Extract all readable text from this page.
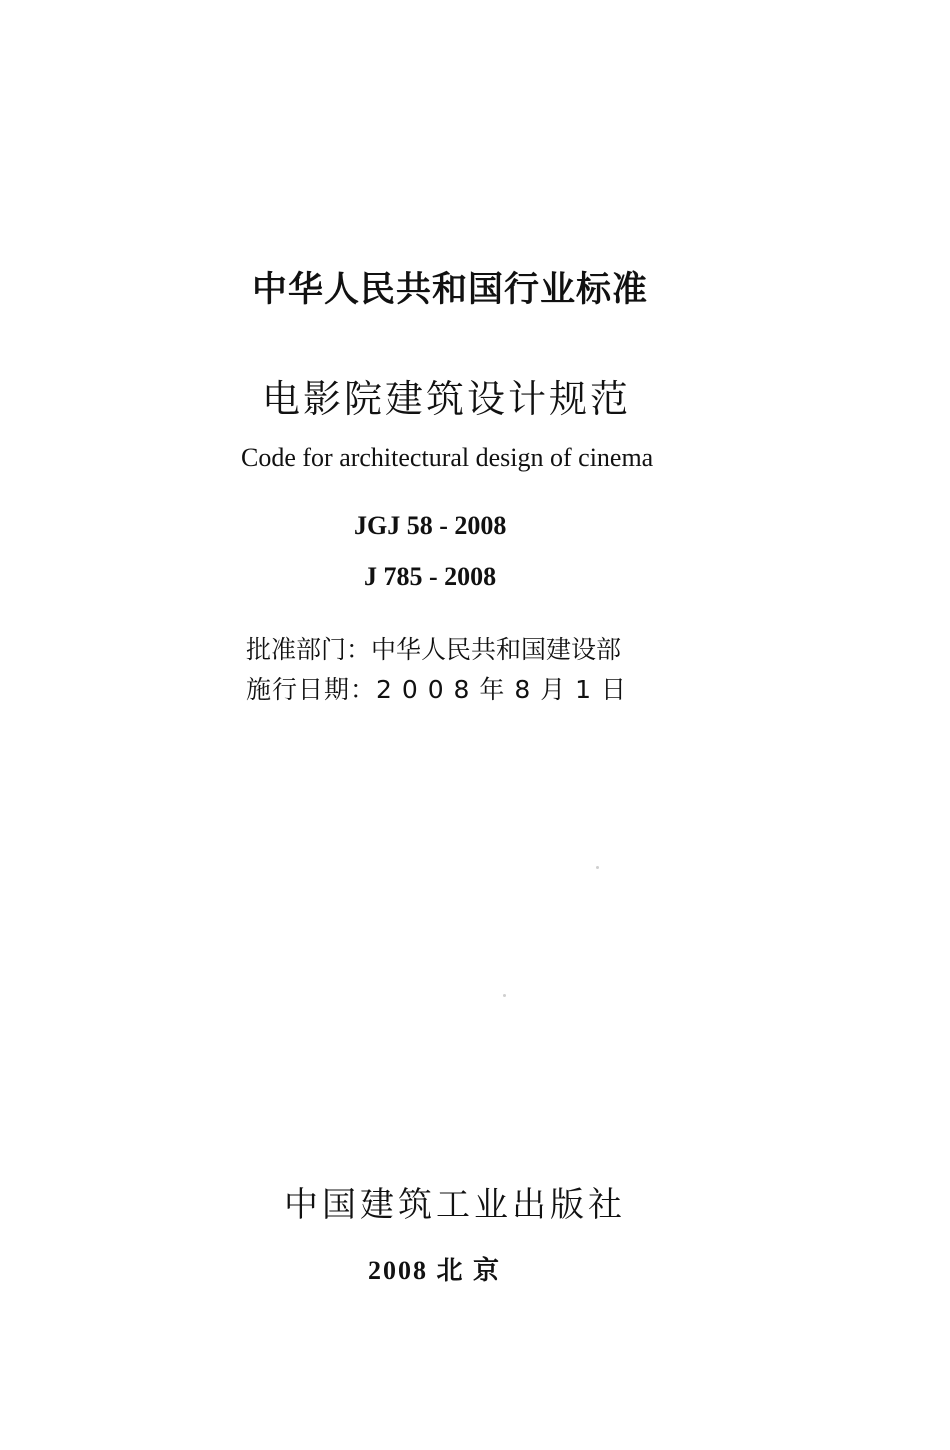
中华人民共和国行业标准
电影院建筑设计规范
Code for architectural design of cinema
JGJ 58 - 2008
J 785 - 2008
批准部门：中华人民共和国建设部
施行日期：2 0 0 8 年 8 月 1 日
中国建筑工业出版社
2008 北 京
